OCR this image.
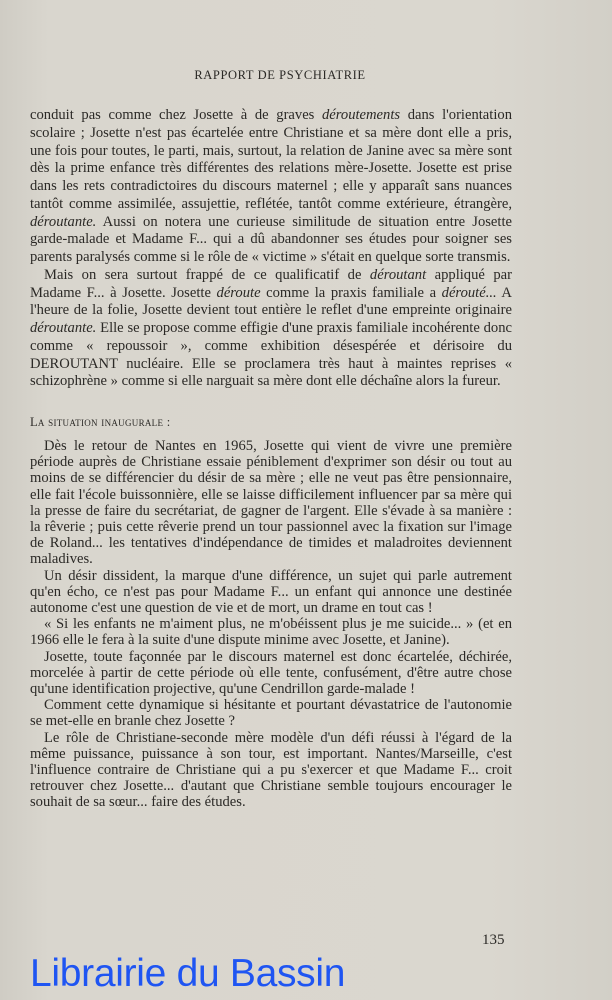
RAPPORT DE PSYCHIATRIE

conduit pas comme chez Josette à de graves déroutements dans l'orientation scolaire ; Josette n'est pas écartelée entre Christiane et sa mère dont elle a pris, une fois pour toutes, le parti, mais, surtout, la relation de Janine avec sa mère sont dès la prime enfance très différentes des relations mère-Josette. Josette est prise dans les rets contradictoires du discours maternel ; elle y apparaît sans nuances tantôt comme assimilée, assujettie, reflétée, tantôt comme extérieure, étrangère, déroutante. Aussi on notera une curieuse similitude de situation entre Josette garde-malade et Madame F... qui a dû abandonner ses études pour soigner ses parents paralysés comme si le rôle de « victime » s'était en quelque sorte transmis.

Mais on sera surtout frappé de ce qualificatif de déroutant appliqué par Madame F... à Josette. Josette déroute comme la praxis familiale a dérouté... A l'heure de la folie, Josette devient tout entière le reflet d'une empreinte originaire déroutante. Elle se propose comme effigie d'une praxis familiale incohérente donc comme « repoussoir », comme exhibition désespérée et dérisoire du DEROUTANT nucléaire. Elle se proclamera très haut à maintes reprises « schizophrène » comme si elle narguait sa mère dont elle déchaîne alors la fureur.

La situation inaugurale :

Dès le retour de Nantes en 1965, Josette qui vient de vivre une première période auprès de Christiane essaie péniblement d'exprimer son désir ou tout au moins de se différencier du désir de sa mère ; elle ne veut pas être pensionnaire, elle fait l'école buissonnière, elle se laisse difficilement influencer par sa mère qui la presse de faire du secrétariat, de gagner de l'argent. Elle s'évade à sa manière : la rêverie ; puis cette rêverie prend un tour passionnel avec la fixation sur l'image de Roland... les tentatives d'indépendance de timides et maladroites deviennent maladives.

Un désir dissident, la marque d'une différence, un sujet qui parle autrement qu'en écho, ce n'est pas pour Madame F... un enfant qui annonce une destinée autonome c'est une question de vie et de mort, un drame en tout cas !

« Si les enfants ne m'aiment plus, ne m'obéissent plus je me suicide... » (et en 1966 elle le fera à la suite d'une dispute minime avec Josette, et Janine).

Josette, toute façonnée par le discours maternel est donc écartelée, déchirée, morcelée à partir de cette période où elle tente, confusément, d'être autre chose qu'une identification projective, qu'une Cendrillon garde-malade !

Comment cette dynamique si hésitante et pourtant dévastatrice de l'autonomie se met-elle en branle chez Josette ?

Le rôle de Christiane-seconde mère modèle d'un défi réussi à l'égard de la même puissance, puissance à son tour, est important. Nantes/Marseille, c'est l'influence contraire de Christiane qui a pu s'exercer et que Madame F... croit retrouver chez Josette... d'autant que Christiane semble toujours encourager le souhait de sa sœur... faire des études.

135
Librairie du Bassin
